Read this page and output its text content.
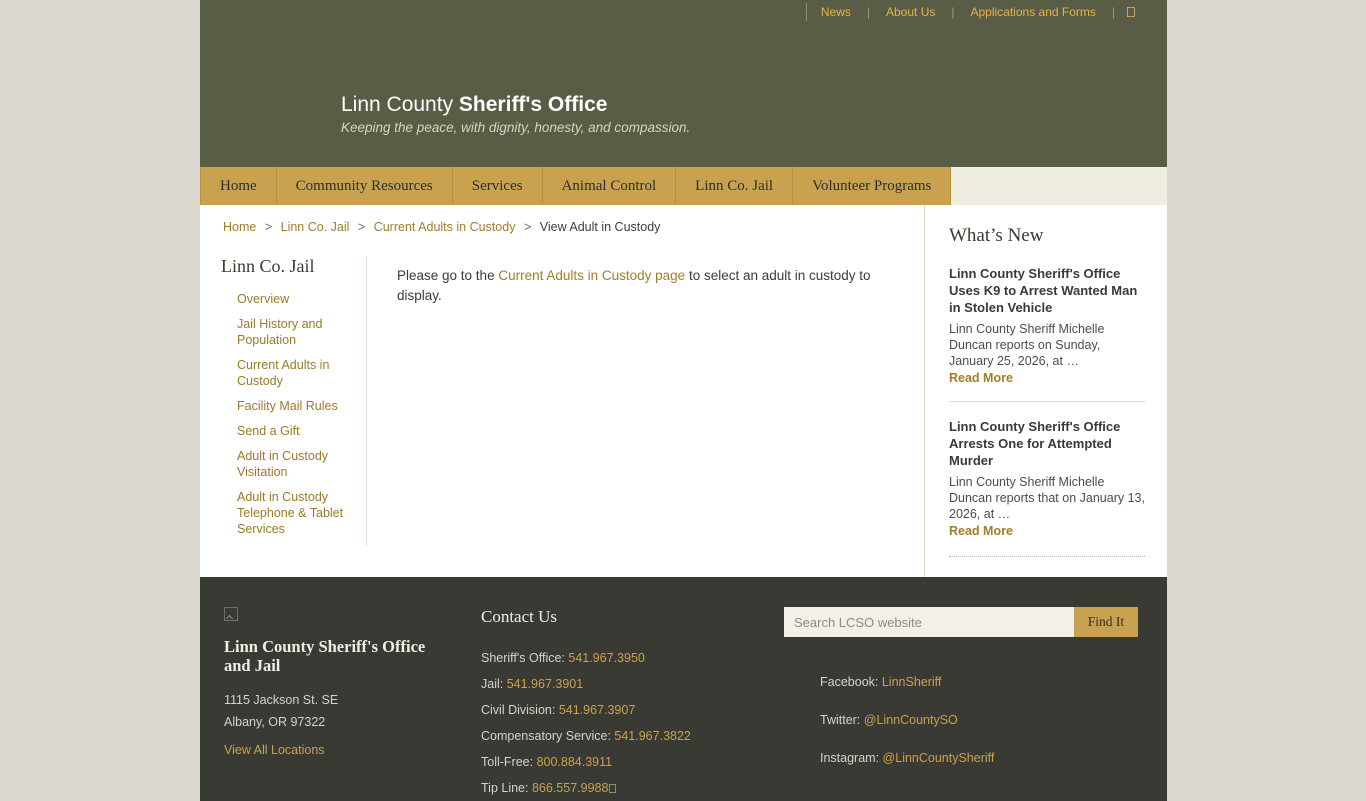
News	|	About Us	|	Applications and Forms	|
Linn County Sheriff's Office
Keeping the peace, with dignity, honesty, and compassion.
Home	Community Resources	Services	Animal Control	Linn Co. Jail	Volunteer Programs
Home > Linn Co. Jail > Current Adults in Custody > View Adult in Custody
Linn Co. Jail
Overview
Jail History and Population
Current Adults in Custody
Facility Mail Rules
Send a Gift
Adult in Custody Visitation
Adult in Custody Telephone & Tablet Services

Please go to the Current Adults in Custody page to select an adult in custody to display.

What’s New
Linn County Sheriff's Office Uses K9 to Arrest Wanted Man in Stolen Vehicle
Linn County Sheriff Michelle Duncan reports on Sunday, January 25, 2026, at …
Read More
Linn County Sheriff's Office Arrests One for Attempted Murder
Linn County Sheriff Michelle Duncan reports that on January 13, 2026, at …
Read More
Linn County Sheriff's Office and Jail
1115 Jackson St. SE
Albany, OR 97322
View All Locations
Contact Us
Sheriff's Office: 541.967.3950
Jail: 541.967.3901
Civil Division: 541.967.3907
Compensatory Service: 541.967.3822
Toll-Free: 800.884.3911
Tip Line: 866.557.9988
Search LCSO website
Find It
Facebook: LinnSheriff
Twitter: @LinnCountySO
Instagram: @LinnCountySheriff
